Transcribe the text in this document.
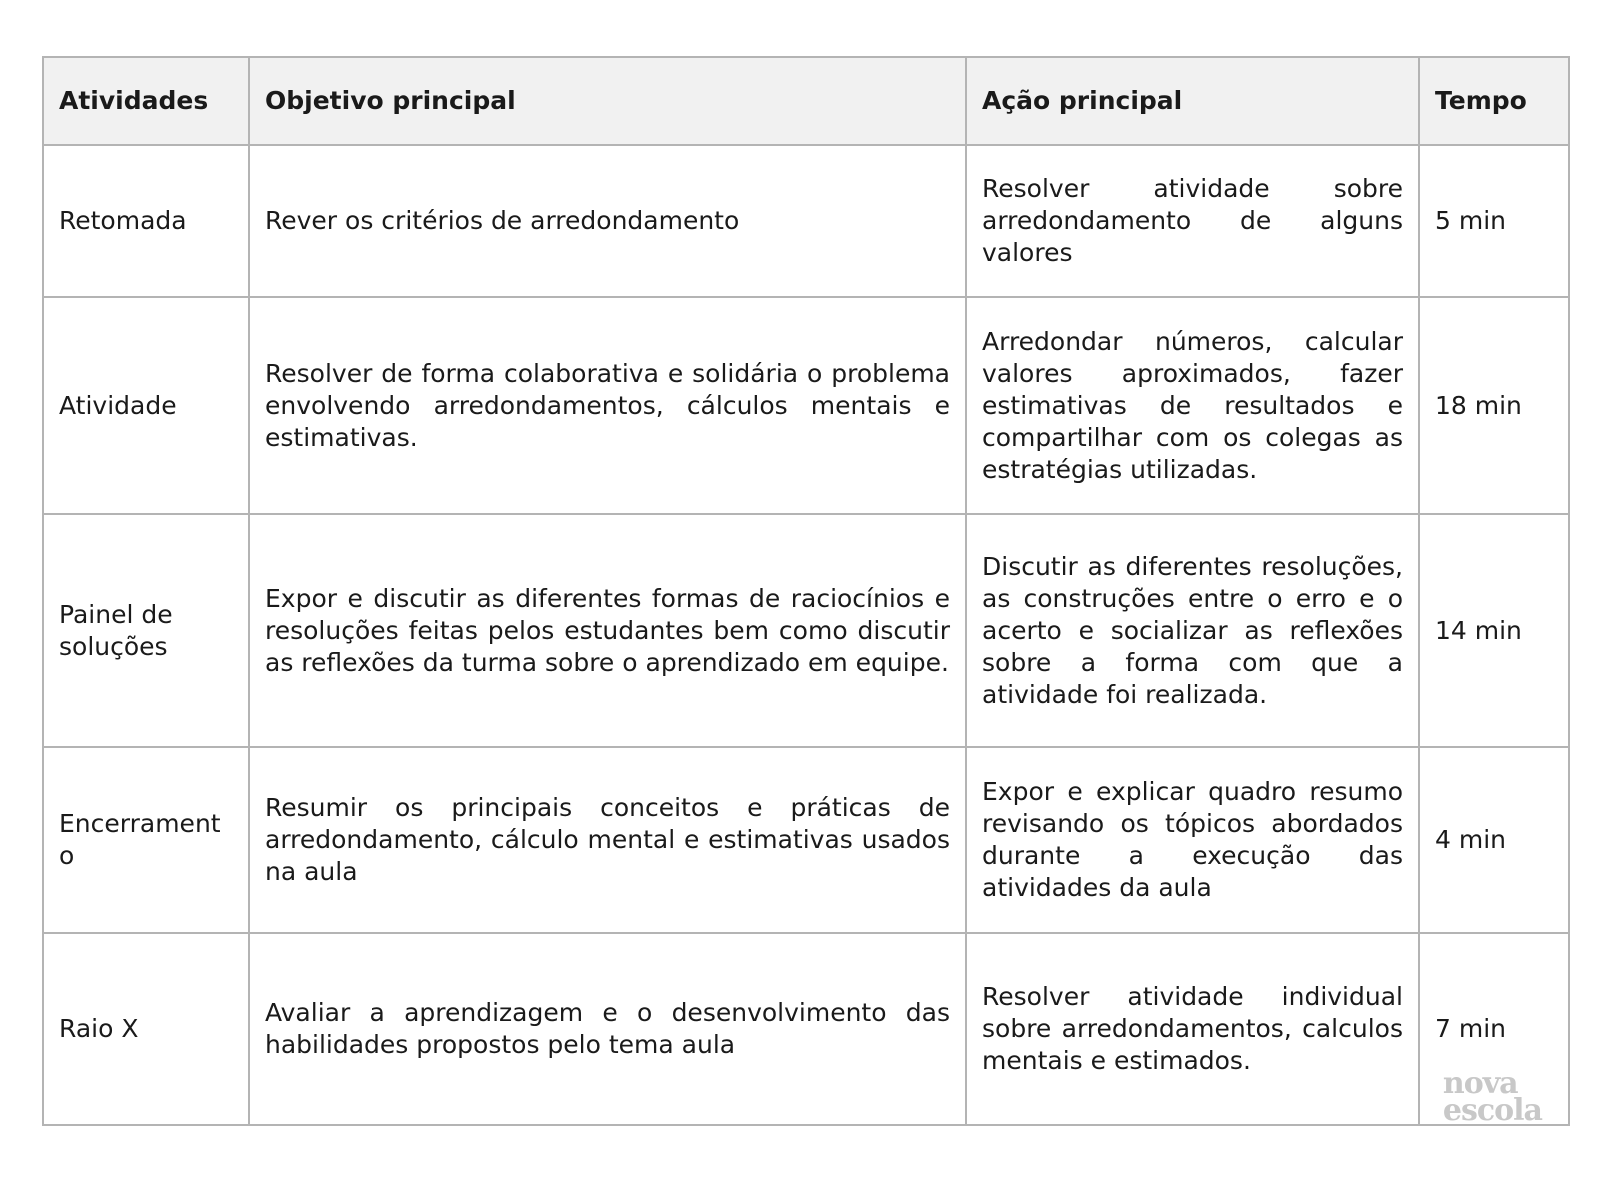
Atividades	Objetivo principal	Ação principal	Tempo
Retomada	Rever os critérios de arredondamento	Resolver atividade sobre arredondamento de alguns valores	5 min
Atividade	Resolver de forma colaborativa e solidária o problema envolvendo arredondamentos, cálculos mentais e estimativas.	Arredondar números, calcular valores aproximados, fazer estimativas de resultados e compartilhar com os colegas as estratégias utilizadas.	18 min
Painel de soluções	Expor e discutir as diferentes formas de raciocínios e resoluções feitas pelos estudantes bem como discutir as reflexões da turma sobre o aprendizado em equipe.	Discutir as diferentes resoluções, as construções entre o erro e o acerto e socializar as reflexões sobre a forma com que a atividade foi realizada.	14 min
Encerramento	Resumir os principais conceitos e práticas de arredondamento, cálculo mental e estimativas usados na aula	Expor e explicar quadro resumo revisando os tópicos abordados durante a execução das atividades da aula	4 min
Raio X	Avaliar a aprendizagem e o desenvolvimento das habilidades propostos pelo tema aula	Resolver atividade individual sobre arredondamentos, calculos mentais e estimados.	7 min
nova
escola
